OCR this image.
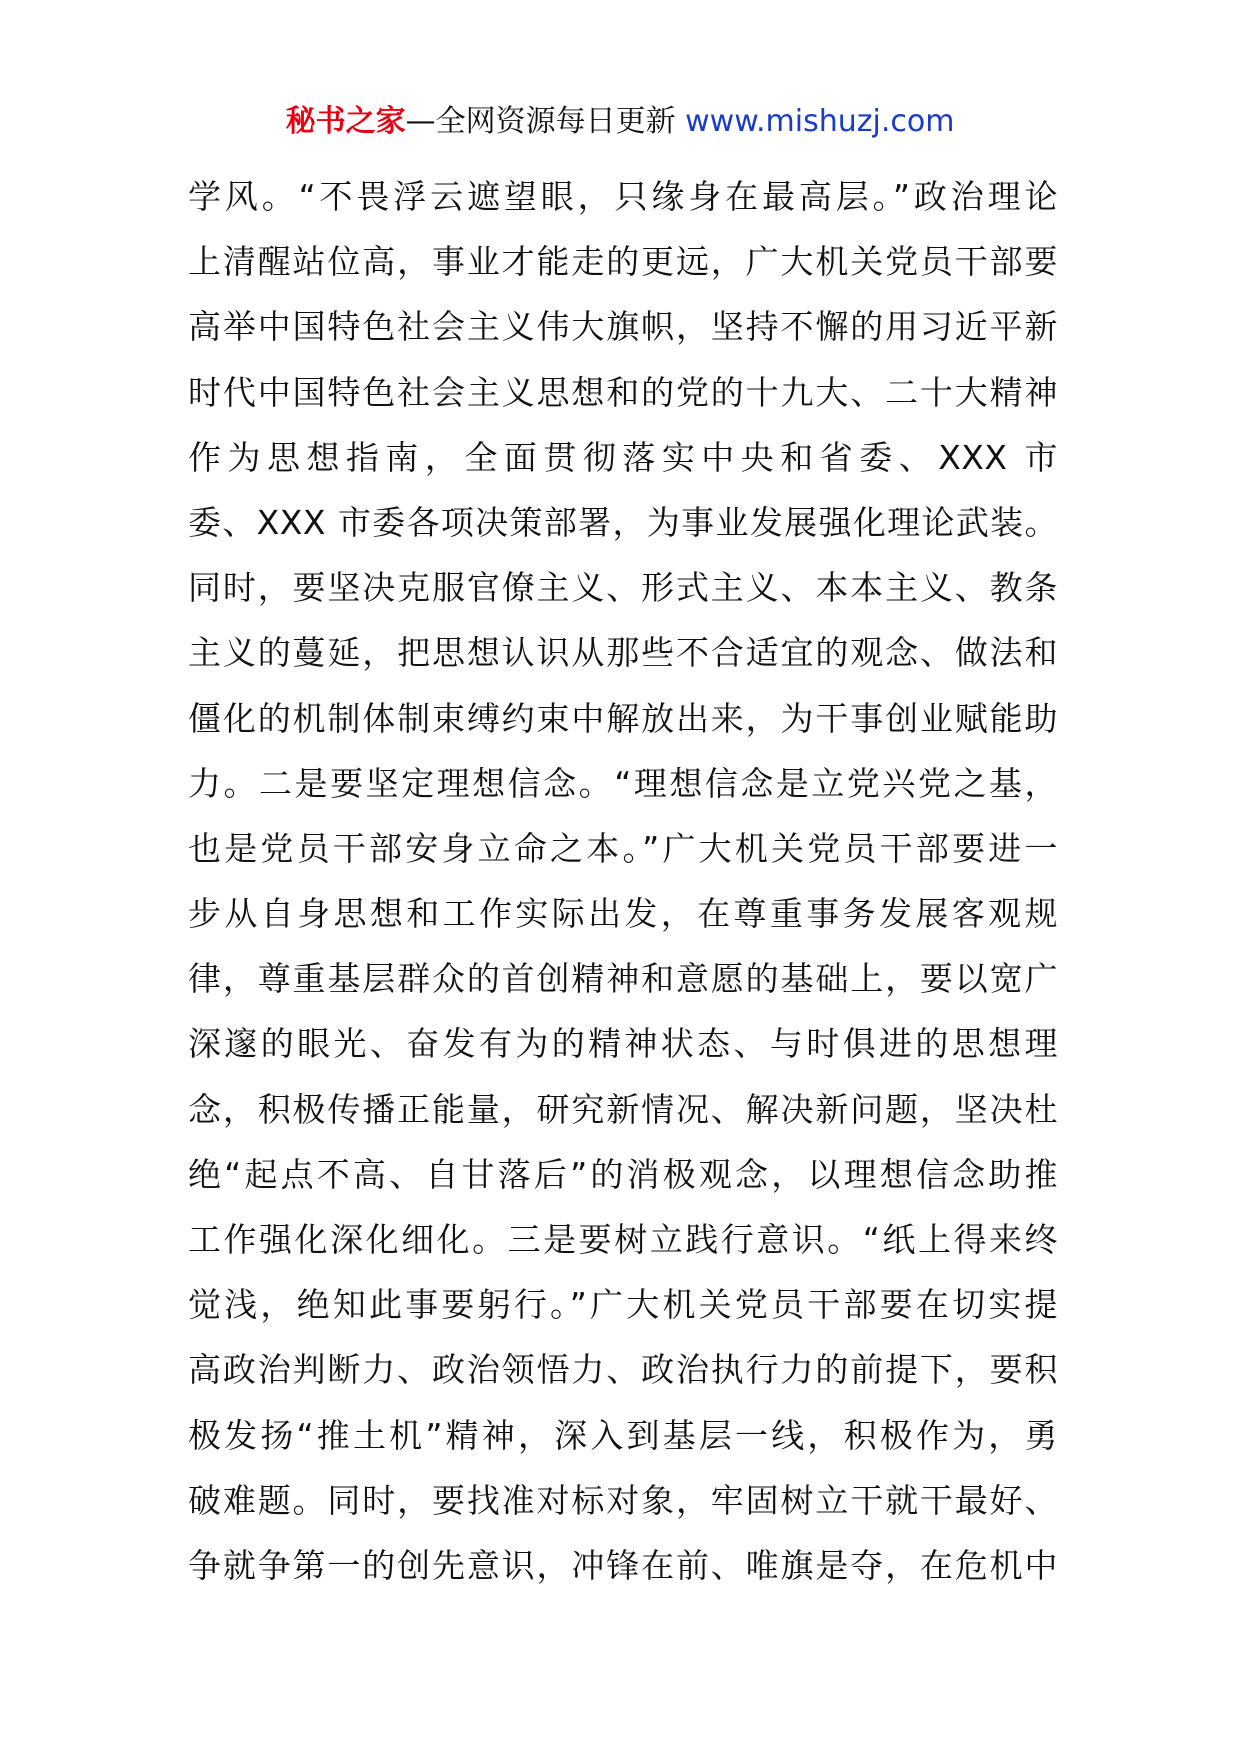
秘书之家—全网资源每日更新 www.mishuzj.com
学风。“不畏浮云遮望眼，只缘身在最高层。”政治理论
上清醒站位高，事业才能走的更远，广大机关党员干部要
高举中国特色社会主义伟大旗帜，坚持不懈的用习近平新
时代中国特色社会主义思想和的党的十九大、二十大精神
作为思想指南，全面贯彻落实中央和省委、XXX 市
委、XXX 市委各项决策部署，为事业发展强化理论武装。
同时，要坚决克服官僚主义、形式主义、本本主义、教条
主义的蔓延，把思想认识从那些不合适宜的观念、做法和
僵化的机制体制束缚约束中解放出来，为干事创业赋能助
力。二是要坚定理想信念。“理想信念是立党兴党之基，
也是党员干部安身立命之本。”广大机关党员干部要进一
步从自身思想和工作实际出发，在尊重事务发展客观规
律，尊重基层群众的首创精神和意愿的基础上，要以宽广
深邃的眼光、奋发有为的精神状态、与时俱进的思想理
念，积极传播正能量，研究新情况、解决新问题，坚决杜
绝“起点不高、自甘落后”的消极观念，以理想信念助推
工作强化深化细化。三是要树立践行意识。“纸上得来终
觉浅，绝知此事要躬行。”广大机关党员干部要在切实提
高政治判断力、政治领悟力、政治执行力的前提下，要积
极发扬“推土机”精神，深入到基层一线，积极作为，勇
破难题。同时，要找准对标对象，牢固树立干就干最好、
争就争第一的创先意识，冲锋在前、唯旗是夺，在危机中
